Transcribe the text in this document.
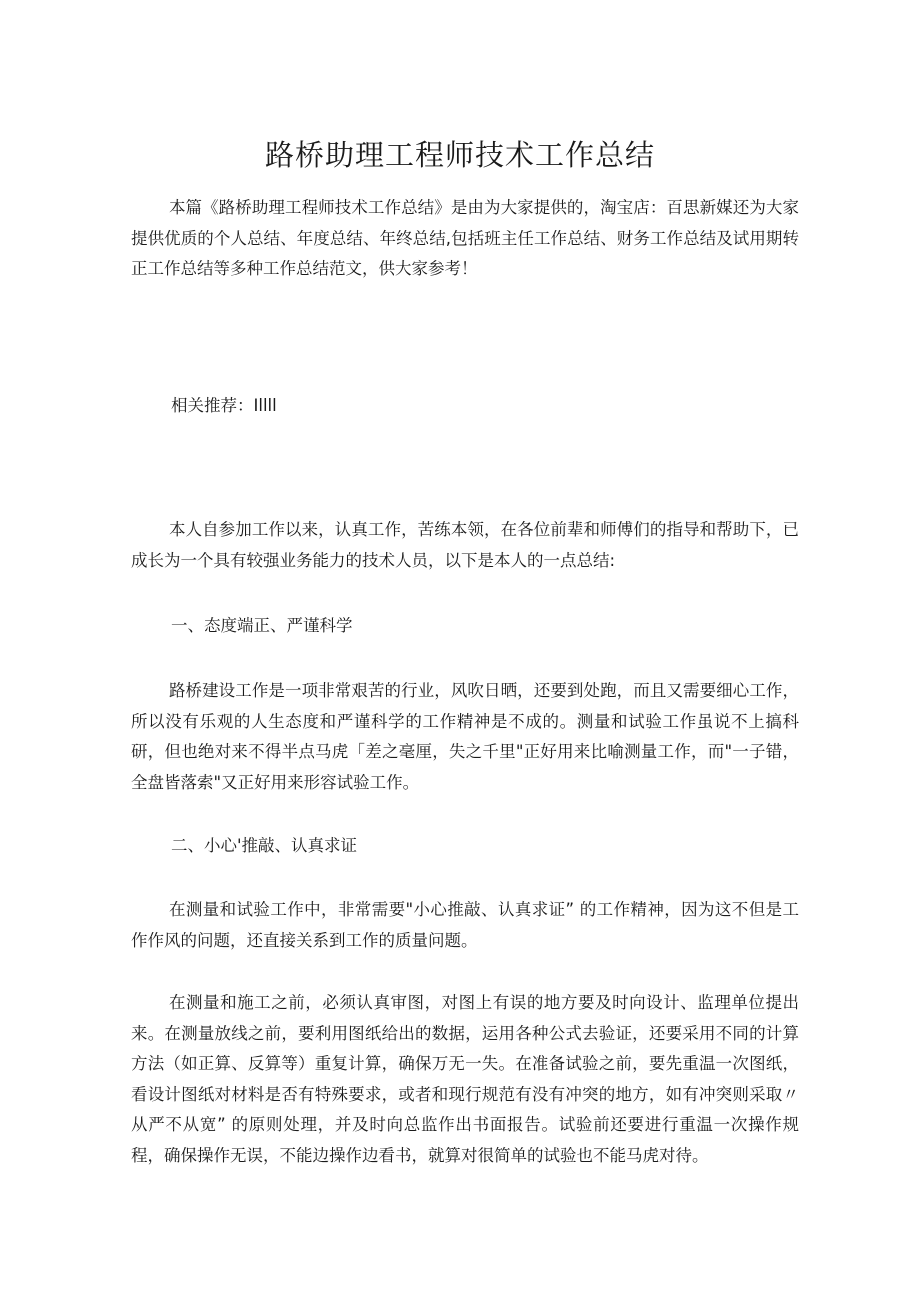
路桥助理工程师技术工作总结

本篇《路桥助理工程师技术工作总结》是由为大家提供的，淘宝店：百思新媒还为大家提供优质的个人总结、年度总结、年终总结,包括班主任工作总结、财务工作总结及试用期转正工作总结等多种工作总结范文，供大家参考！

相关推荐：Illll

本人自参加工作以来，认真工作，苦练本领，在各位前辈和师傅们的指导和帮助下，已成长为一个具有较强业务能力的技术人员，以下是本人的一点总结:

一、态度端正、严谨科学

路桥建设工作是一项非常艰苦的行业，风吹日晒，还要到处跑，而且又需要细心工作，所以没有乐观的人生态度和严谨科学的工作精神是不成的。测量和试验工作虽说不上搞科研，但也绝对来不得半点马虎「差之毫厘，失之千里"正好用来比喻测量工作，而"一子错，全盘皆落索"又正好用来形容试验工作。

二、小心'推敲、认真求证

在测量和试验工作中，非常需要"小心推敲、认真求证” 的工作精神，因为这不但是工作作风的问题，还直接关系到工作的质量问题。

在测量和施工之前，必须认真审图，对图上有误的地方要及时向设计、监理单位提出来。在测量放线之前，要利用图纸给出的数据，运用各种公式去验证，还要采用不同的计算方法（如正算、反算等）重复计算，确保万无一失。在准备试验之前，要先重温一次图纸，看设计图纸对材料是否有特殊要求，或者和现行规范有没有冲突的地方，如有冲突则采取〃从严不从宽” 的原则处理，并及时向总监作出书面报告。试验前还要进行重温一次操作规程，确保操作无误，不能边操作边看书，就算对很简单的试验也不能马虎对待。
